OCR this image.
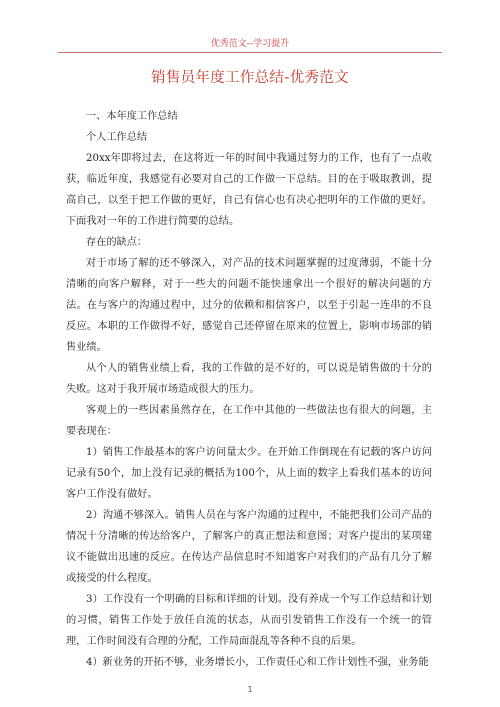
优秀范文--学习提升
销售员年度工作总结-优秀范文

一、本年度工作总结

个人工作总结

20xx年即将过去，在这将近一年的时间中我通过努力的工作，也有了一点收获，临近年度，我感觉有必要对自己的工作做一下总结。目的在于吸取教训，提高自己，以至于把工作做的更好，自己有信心也有决心把明年的工作做的更好。下面我对一年的工作进行简要的总结。

存在的缺点：

对于市场了解的还不够深入，对产品的技术问题掌握的过度薄弱，不能十分清晰的向客户解释，对于一些大的问题不能快速拿出一个很好的解决问题的方法。在与客户的沟通过程中，过分的依赖和相信客户，以至于引起一连串的不良反应。本职的工作做得不好，感觉自己还停留在原来的位置上，影响市场部的销售业绩。

从个人的销售业绩上看，我的工作做的是不好的，可以说是销售做的十分的失败。这对于我开展市场造成很大的压力。

客观上的一些因素虽然存在，在工作中其他的一些做法也有很大的问题，主要表现在：

1）销售工作最基本的客户访问量太少。在开始工作倒现在有记载的客户访问记录有50个，加上没有记录的概括为100个，从上面的数字上看我们基本的访问客户工作没有做好。

2）沟通不够深入。销售人员在与客户沟通的过程中，不能把我们公司产品的情况十分清晰的传达给客户，了解客户的真正想法和意图；对客户提出的某项建议不能做出迅速的反应。在传达产品信息时不知道客户对我们的产品有几分了解或接受的什么程度。

3）工作没有一个明确的目标和详细的计划。没有养成一个写工作总结和计划的习惯，销售工作处于放任自流的状态，从而引发销售工作没有一个统一的管理，工作时间没有合理的分配，工作局面混乱等各种不良的后果。

4）新业务的开拓不够，业务增长小，工作责任心和工作计划性不强，业务能

1
